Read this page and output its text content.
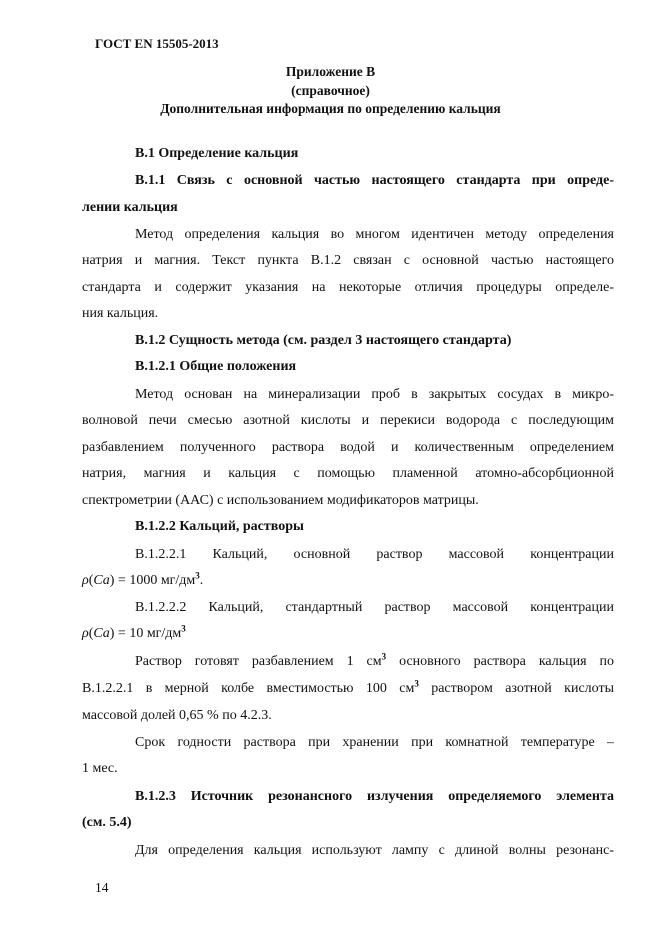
ГОСТ EN 15505-2013
Приложение В
(справочное)
Дополнительная информация по определению кальция
В.1 Определение кальция
В.1.1 Связь с основной частью настоящего стандарта при опреде-
лении кальция
Метод определения кальция во многом идентичен методу определения
натрия и магния. Текст пункта В.1.2 связан с основной частью настоящего
стандарта и содержит указания на некоторые отличия процедуры определе-
ния кальция.
В.1.2 Сущность метода (см. раздел 3 настоящего стандарта)
В.1.2.1 Общие положения
Метод основан на минерализации проб в закрытых сосудах в микро-
волновой печи смесью азотной кислоты и перекиси водорода с последующим
разбавлением полученного раствора водой и количественным определением
натрия, магния и кальция с помощью пламенной атомно-абсорбционной
спектрометрии (ААС) с использованием модификаторов матрицы.
В.1.2.2 Кальций, растворы
В.1.2.2.1 Кальций, основной раствор массовой концентрации
ρ(Ca) = 1000 $мг/дм^3$.
В.1.2.2.2 Кальций, стандартный раствор массовой концентрации
ρ(Ca) = 10 $мг/дм^3$
Раствор готовят разбавлением 1 $см^3$ основного раствора кальция по
В.1.2.2.1 в мерной колбе вместимостью 100 $см^3$ раствором азотной кислоты
массовой долей 0,65 % по 4.2.3.
Срок годности раствора при хранении при комнатной температуре –
1 мес.
В.1.2.3 Источник резонансного излучения определяемого элемента
(см. 5.4)
Для определения кальция используют лампу с длиной волны резонанс-
14
